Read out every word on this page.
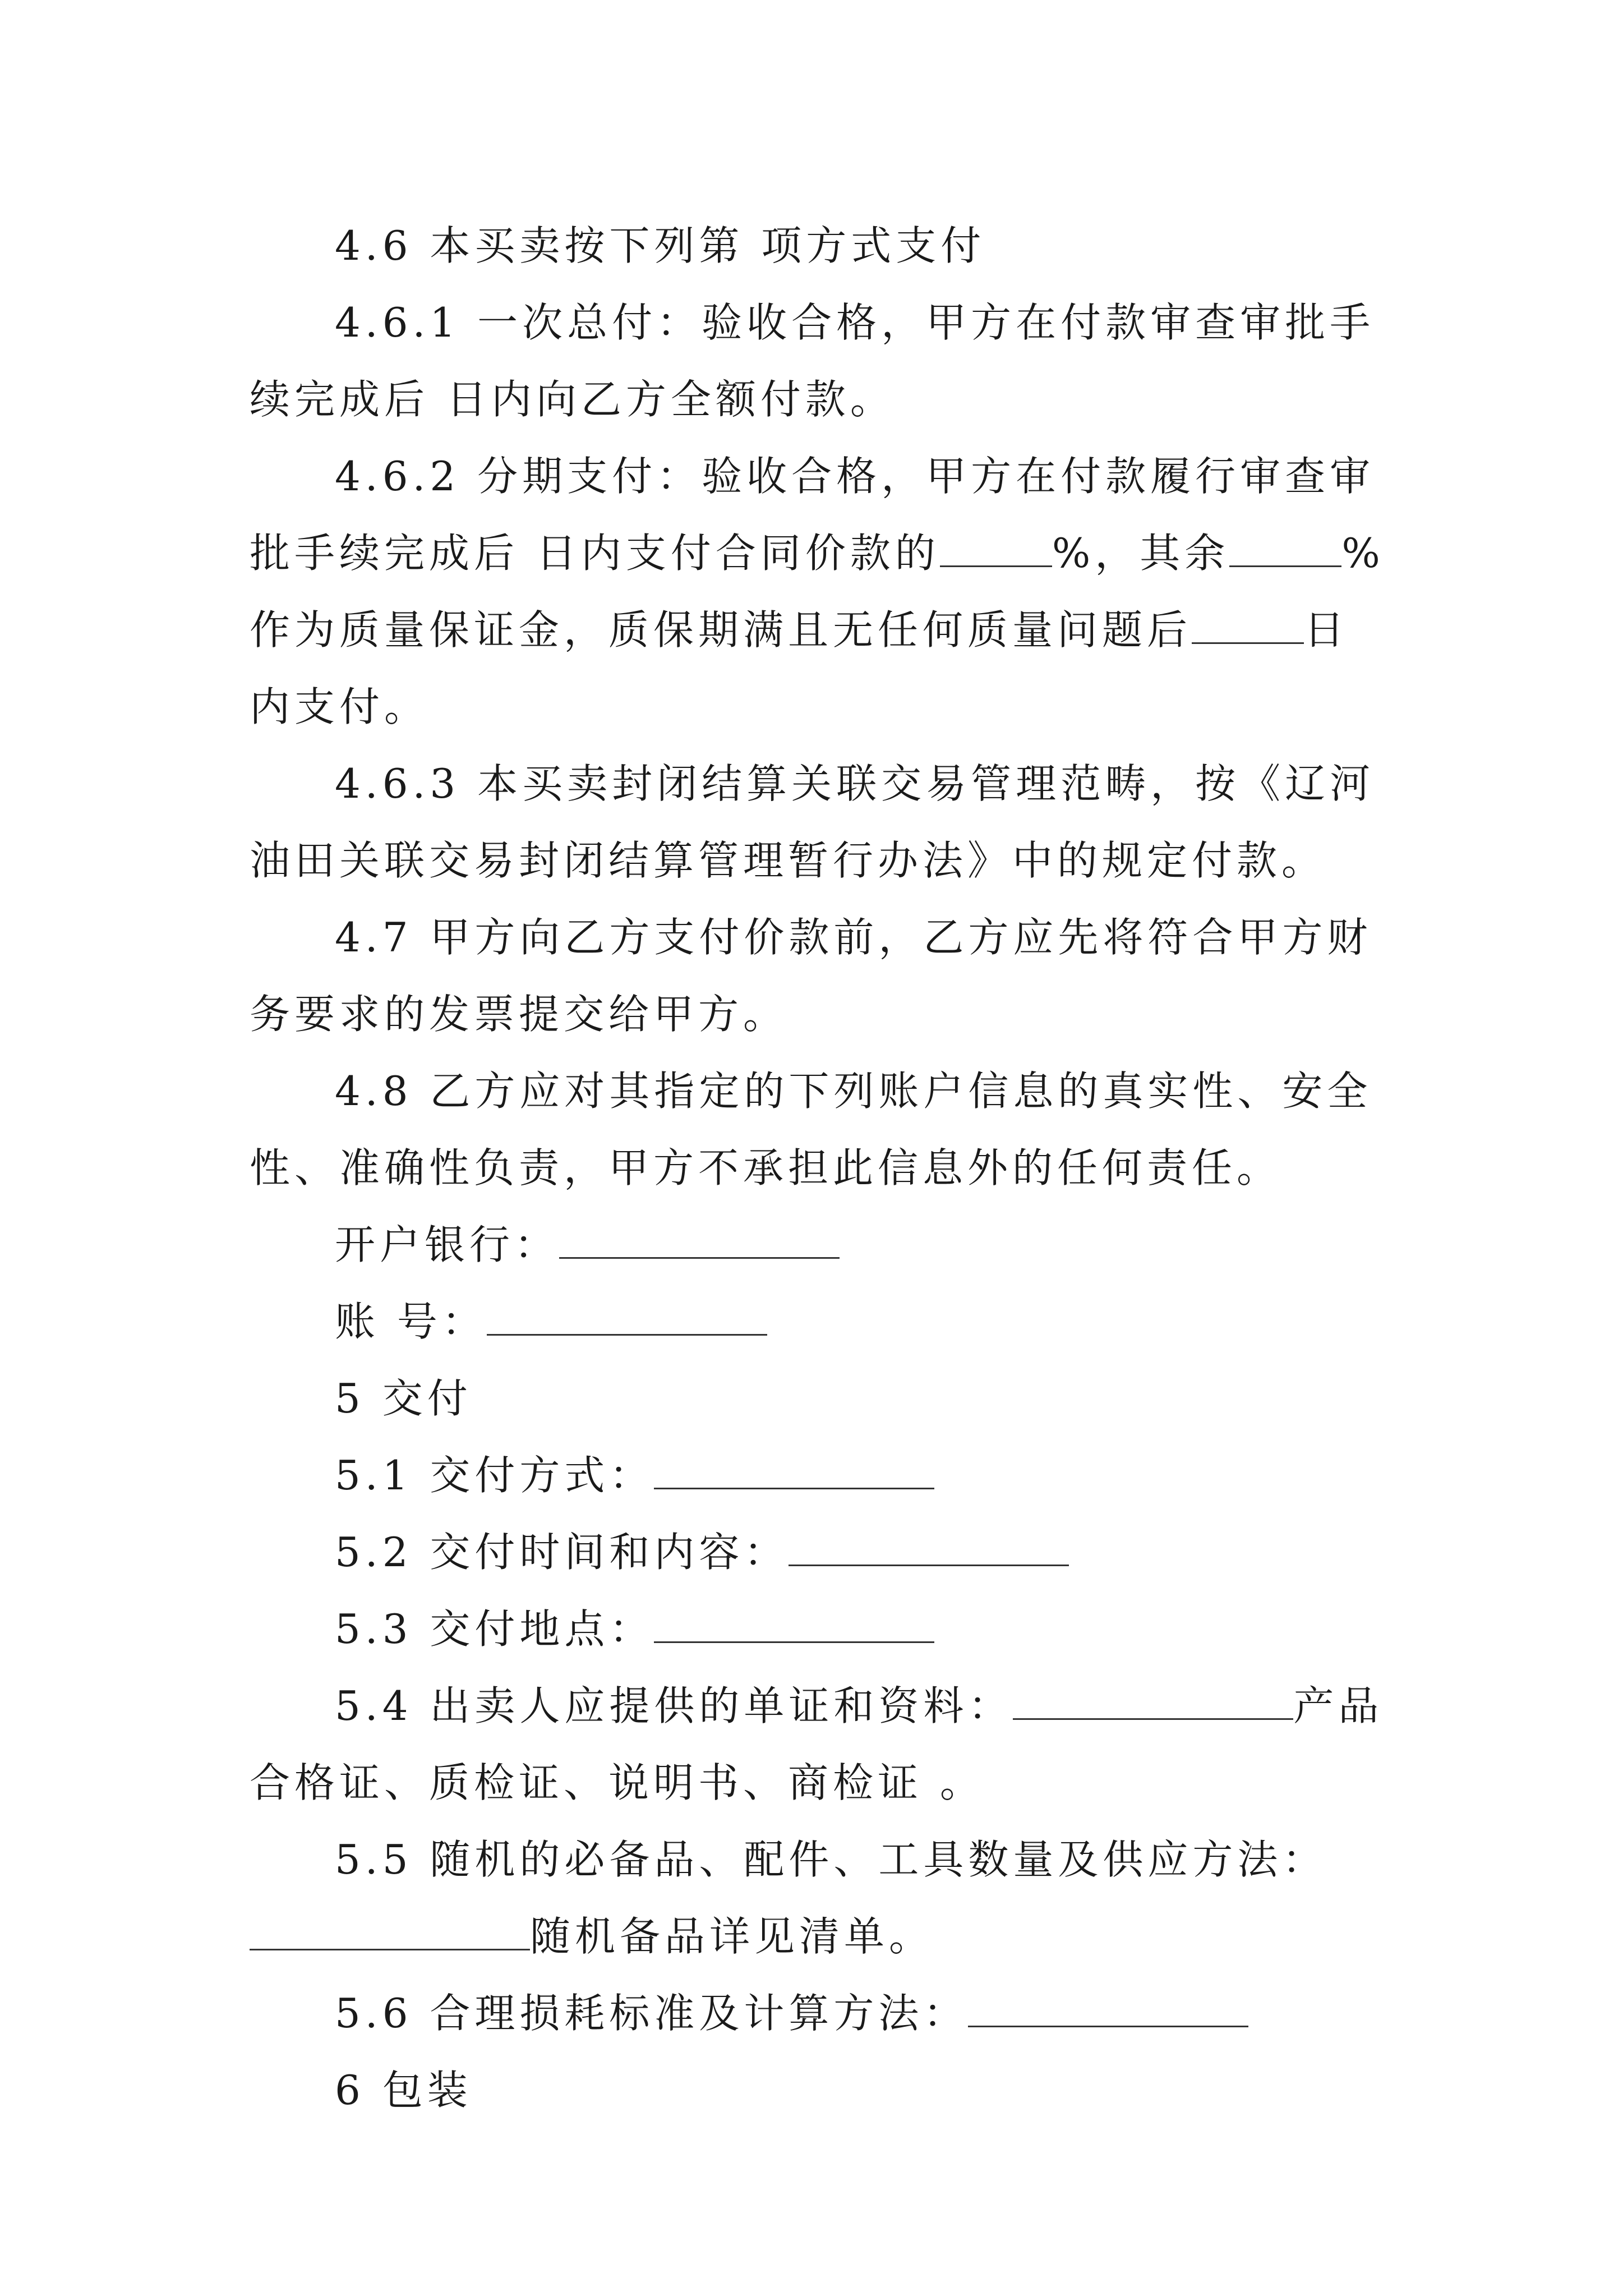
4.6 本买卖按下列第 项方式支付

4.6.1 一次总付：验收合格，甲方在付款审查审批手续完成后 日内向乙方全额付款。

4.6.2 分期支付：验收合格，甲方在付款履行审查审批手续完成后 日内支付合同价款的	%，其余	%作为质量保证金，质保期满且无任何质量问题后	日内支付。

4.6.3 本买卖封闭结算关联交易管理范畴，按《辽河油田关联交易封闭结算管理暂行办法》中的规定付款。

4.7 甲方向乙方支付价款前，乙方应先将符合甲方财务要求的发票提交给甲方。

4.8 乙方应对其指定的下列账户信息的真实性、安全性、准确性负责，甲方不承担此信息外的任何责任。

开户银行：

账 号：

5 交付

5.1 交付方式：

5.2 交付时间和内容：

5.3 交付地点：

5.4 出卖人应提供的单证和资料：	产品合格证、质检证、说明书、商检证 。

5.5 随机的必备品、配件、工具数量及供应方法：随机备品详见清单。

5.6 合理损耗标准及计算方法：

6 包装
